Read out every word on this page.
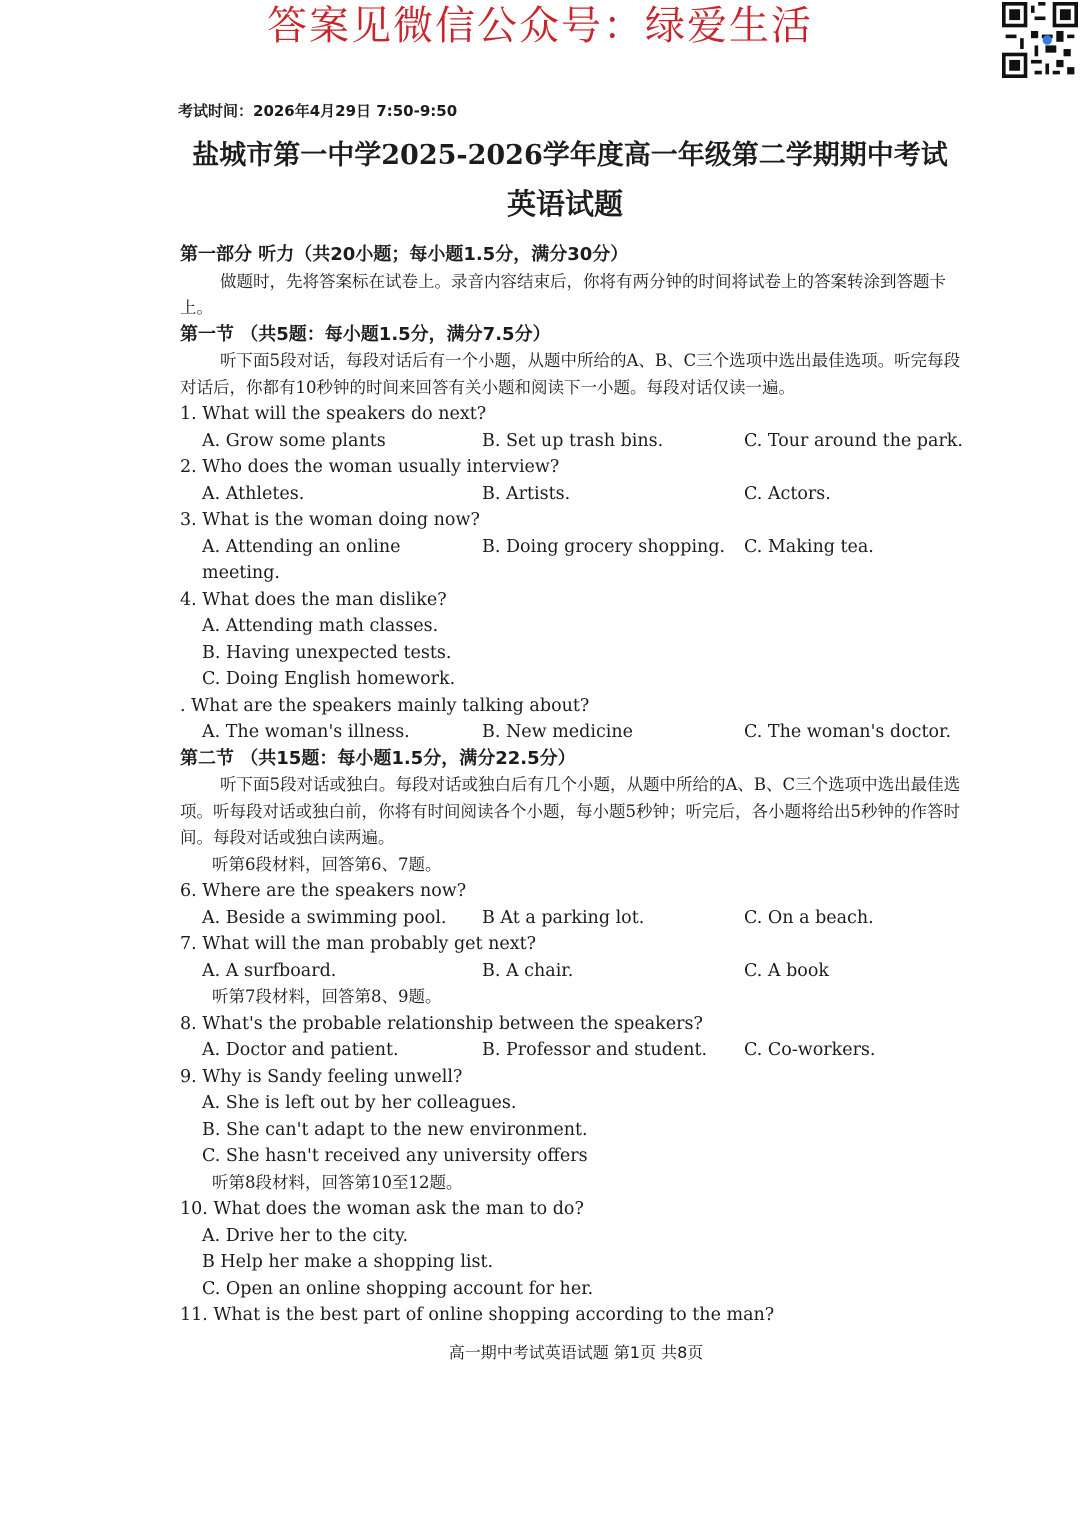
答案见微信公众号：绿爱生活
考试时间：2026年4月29日 7:50-9:50
盐城市第一中学2025-2026学年度高一年级第二学期期中考试
英语试题
第一部分 听力（共20小题；每小题1.5分，满分30分）
做题时，先将答案标在试卷上。录音内容结束后，你将有两分钟的时间将试卷上的答案转涂到答题卡上。
第一节 （共5题：每小题1.5分，满分7.5分）
听下面5段对话，每段对话后有一个小题，从题中所给的A、B、C三个选项中选出最佳选项。听完每段对话后，你都有10秒钟的时间来回答有关小题和阅读下一小题。每段对话仅读一遍。
1. What will the speakers do next?
A. Grow some plants	B. Set up trash bins.	C. Tour around the park.
2. Who does the woman usually interview?
A. Athletes.	B. Artists.	C. Actors.
3. What is the woman doing now?
A. Attending an online meeting.
B. Doing grocery shopping.	C. Making tea.
4. What does the man dislike?
A. Attending math classes.
B. Having unexpected tests.
C. Doing English homework.
. What are the speakers mainly talking about?
A. The woman's illness.	B. New medicine	C. The woman's doctor.
第二节 （共15题：每小题1.5分，满分22.5分）
听下面5段对话或独白。每段对话或独白后有几个小题，从题中所给的A、B、C三个选项中选出最佳选项。听每段对话或独白前，你将有时间阅读各个小题，每小题5秒钟；听完后，各小题将给出5秒钟的作答时间。每段对话或独白读两遍。
听第6段材料，回答第6、7题。
6. Where are the speakers now?
A. Beside a swimming pool.	B At a parking lot.	C. On a beach.
7. What will the man probably get next?
A. A surfboard.	B. A chair.	C. A book
听第7段材料，回答第8、9题。
8. What's the probable relationship between the speakers?
A. Doctor and patient.	B. Professor and student.	C. Co-workers.
9. Why is Sandy feeling unwell?
A. She is left out by her colleagues.
B. She can't adapt to the new environment.
C. She hasn't received any university offers
听第8段材料，回答第10至12题。
10. What does the woman ask the man to do?
A. Drive her to the city.
B Help her make a shopping list.
C. Open an online shopping account for her.
11. What is the best part of online shopping according to the man?
高一期中考试英语试题 第1页 共8页
